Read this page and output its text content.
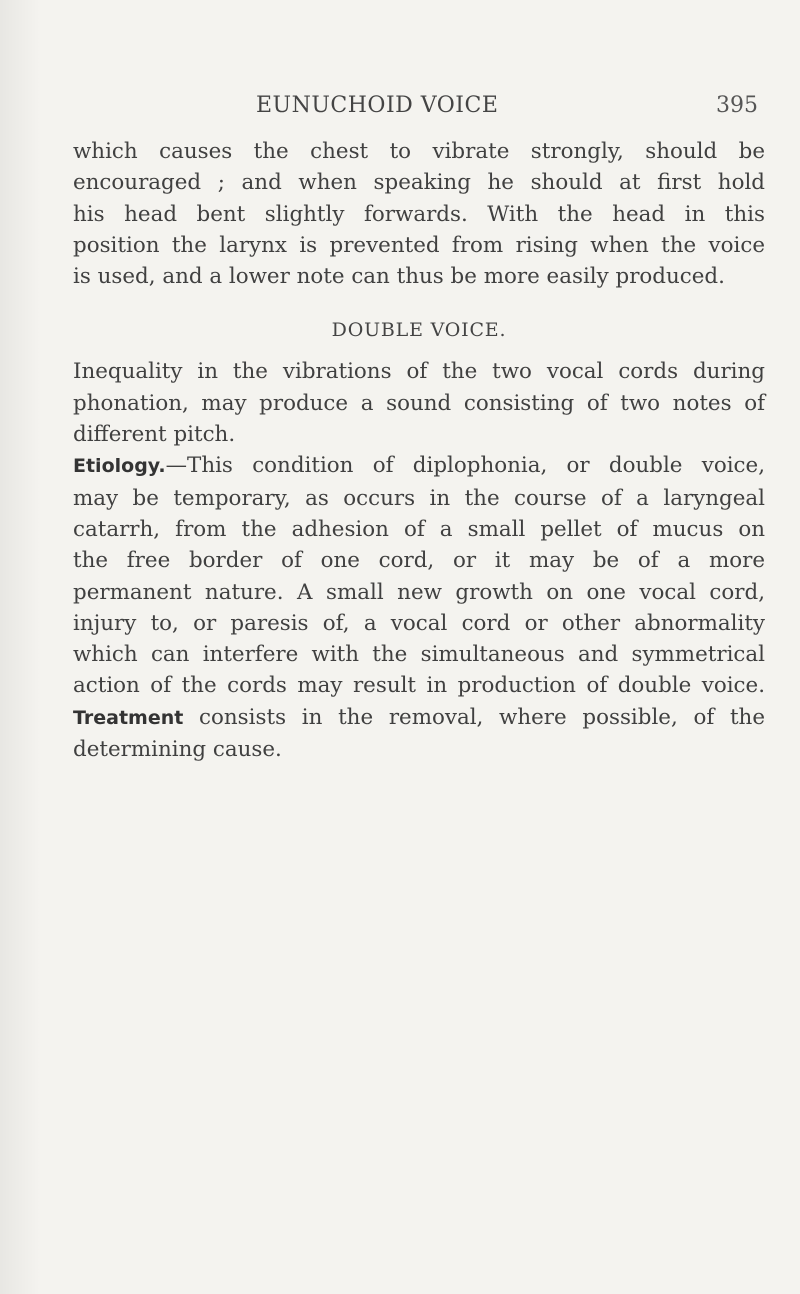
EUNUCHOID VOICE	395

which causes the chest to vibrate strongly, should be
encouraged ; and when speaking he should at first hold
his head bent slightly forwards. With the head in this
position the larynx is prevented from rising when the voice
is used, and a lower note can thus be more easily produced.

DOUBLE VOICE.

Inequality in the vibrations of the two vocal cords during
phonation, may produce a sound consisting of two notes of
different pitch.

Etiology.—This condition of diplophonia, or double voice,
may be temporary, as occurs in the course of a laryngeal
catarrh, from the adhesion of a small pellet of mucus on
the free border of one cord, or it may be of a more
permanent nature. A small new growth on one vocal cord,
injury to, or paresis of, a vocal cord or other abnormality
which can interfere with the simultaneous and symmetrical
action of the cords may result in production of double voice.

Treatment consists in the removal, where possible, of the
determining cause.
